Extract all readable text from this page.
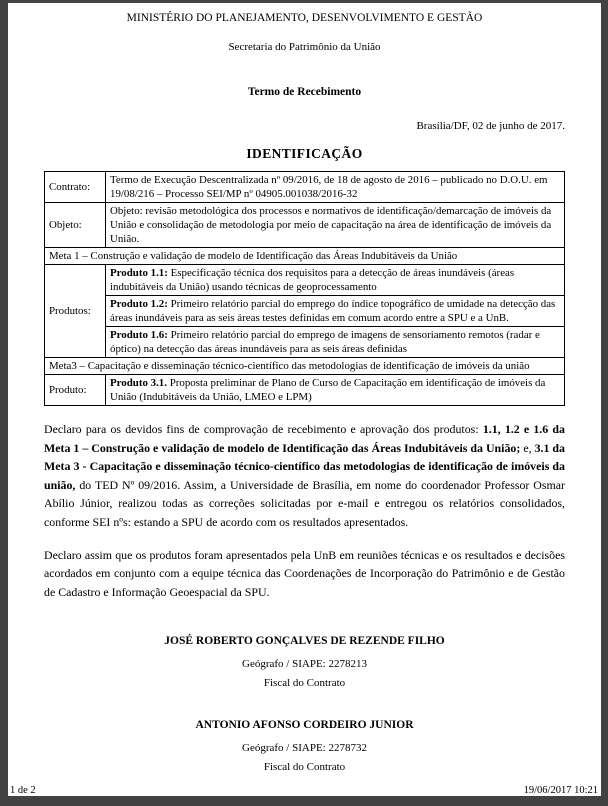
MINISTÉRIO DO PLANEJAMENTO, DESENVOLVIMENTO E GESTÃO
Secretaria do Patrimônio da União
Termo de Recebimento
Brasília/DF, 02 de junho de 2017.
IDENTIFICAÇÃO
Contrato:	Termo de Execução Descentralizada nº 09/2016, de 18 de agosto de 2016 – publicado no D.O.U. em 19/08/216 – Processo SEI/MP nº 04905.001038/2016-32
Objeto:	Objeto: revisão metodológica dos processos e normativos de identificação/demarcação de imóveis da União e consolidação de metodologia por meio de capacitação na área de identificação de imóveis da União.
Meta 1 – Construção e validação de modelo de Identificação das Áreas Indubitáveis da União	
Produtos:	Produto 1.1: Especificação técnica dos requisitos para a detecção de áreas inundáveis (áreas indubitáveis da União) usando técnicas de geoprocessamento
	Produto 1.2: Primeiro relatório parcial do emprego do índice topográfico de umidade na detecção das áreas inundáveis para as seis áreas testes definidas em comum acordo entre a SPU e a UnB.
	Produto 1.6: Primeiro relatório parcial do emprego de imagens de sensoriamento remotos (radar e óptico) na detecção das áreas inundáveis para as seis áreas definidas
Meta3 – Capacitação e disseminação técnico-científico das metodologias de identificação de imóveis da união	
Produto:	Produto 3.1. Proposta preliminar de Plano de Curso de Capacitação em identificação de imóveis da União (Indubitáveis da União, LMEO e LPM)

Declaro para os devidos fins de comprovação de recebimento e aprovação dos produtos: 1.1, 1.2 e 1.6 da Meta 1 – Construção e validação de modelo de Identificação das Áreas Indubitáveis da União; e, 3.1 da Meta 3 - Capacitação e disseminação técnico-científico das metodologias de identificação de imóveis da união, do TED Nº 09/2016. Assim, a Universidade de Brasília, em nome do coordenador Professor Osmar Abílio Júnior, realizou todas as correções solicitadas por e-mail e entregou os relatórios consolidados, conforme SEI nºs: estando a SPU de acordo com os resultados apresentados.

Declaro assim que os produtos foram apresentados pela UnB em reuniões técnicas e os resultados e decisões acordados em conjunto com a equipe técnica das Coordenações de Incorporação do Patrimônio e de Gestão de Cadastro e Informação Geoespacial da SPU.

JOSÉ ROBERTO GONÇALVES DE REZENDE FILHO
Geógrafo / SIAPE: 2278213
Fiscal do Contrato
ANTONIO AFONSO CORDEIRO JUNIOR
Geógrafo / SIAPE: 2278732
Fiscal do Contrato
1 de 2	19/06/2017 10:21
